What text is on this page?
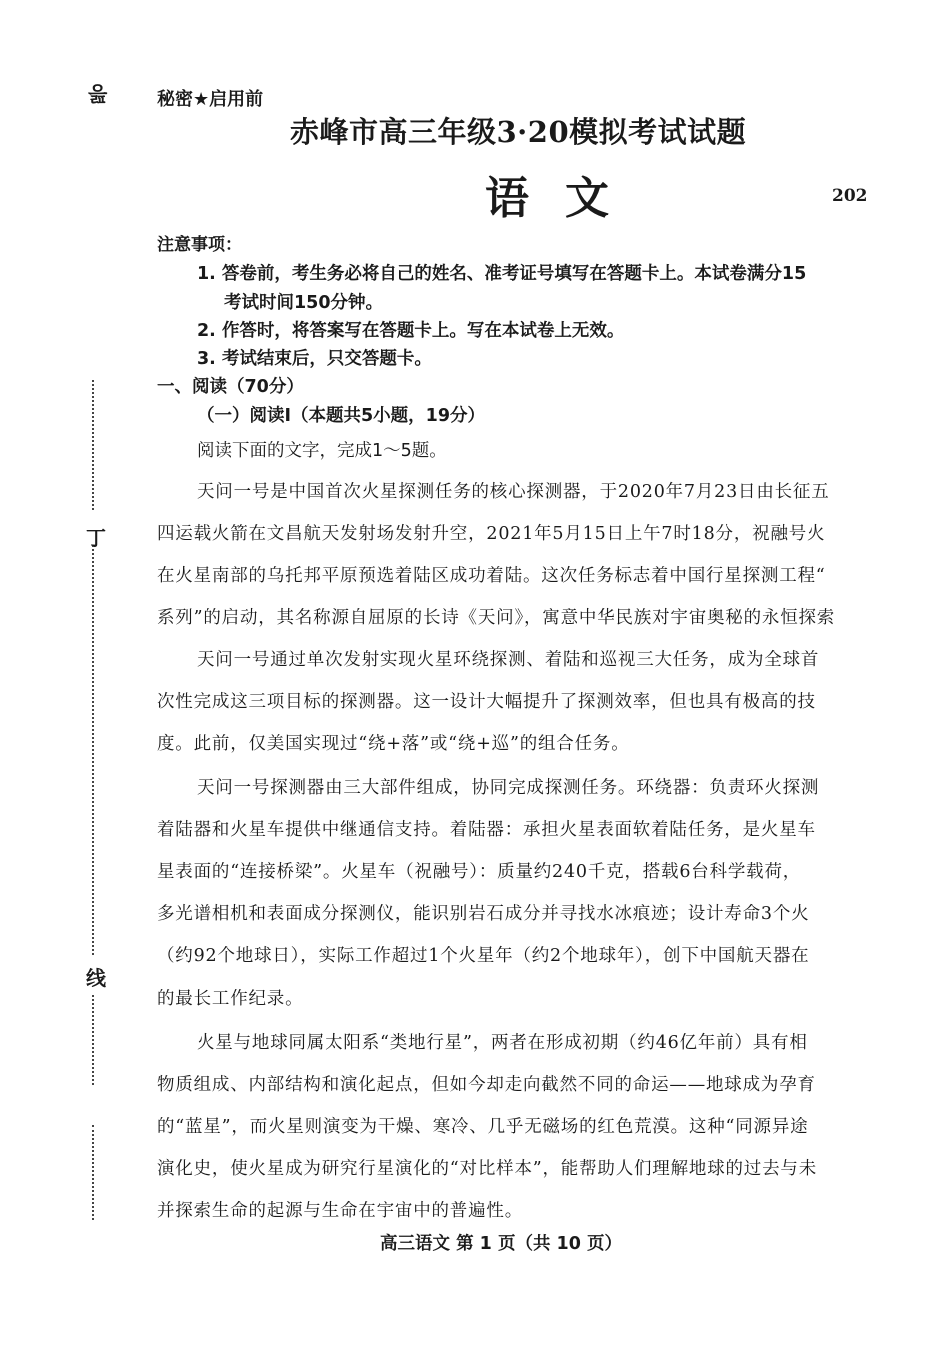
읊	秘密★启用前
赤峰市高三年级3·20模拟考试试题
语文	202
注意事项：
1. 答卷前，考生务必将自己的姓名、准考证号填写在答题卡上。本试卷满分15
考试时间150分钟。
2. 作答时，将答案写在答题卡上。写在本试卷上无效。
3. 考试结束后，只交答题卡。
一、阅读（70分）
（一）阅读Ⅰ（本题共5小题，19分）
阅读下面的文字，完成1～5题。
天问一号是中国首次火星探测任务的核心探测器，于2020年7月23日由长征五
四运载火箭在文昌航天发射场发射升空，2021年5月15日上午7时18分，祝融号火
在火星南部的乌托邦平原预选着陆区成功着陆。这次任务标志着中国行星探测工程“
系列”的启动，其名称源自屈原的长诗《天问》，寓意中华民族对宇宙奥秘的永恒探索
天问一号通过单次发射实现火星环绕探测、着陆和巡视三大任务，成为全球首
次性完成这三项目标的探测器。这一设计大幅提升了探测效率，但也具有极高的技
度。此前，仅美国实现过“绕+落”或“绕+巡”的组合任务。
天问一号探测器由三大部件组成，协同完成探测任务。环绕器：负责环火探测
着陆器和火星车提供中继通信支持。着陆器：承担火星表面软着陆任务，是火星车
星表面的“连接桥梁”。火星车（祝融号）：质量约240千克，搭载6台科学载荷，
多光谱相机和表面成分探测仪，能识别岩石成分并寻找水冰痕迹；设计寿命3个火
（约92个地球日），实际工作超过1个火星年（约2个地球年），创下中国航天器在
的最长工作纪录。
火星与地球同属太阳系“类地行星”，两者在形成初期（约46亿年前）具有相
物质组成、内部结构和演化起点，但如今却走向截然不同的命运——地球成为孕育
的“蓝星”，而火星则演变为干燥、寒冷、几乎无磁场的红色荒漠。这种“同源异途
演化史，使火星成为研究行星演化的“对比样本”，能帮助人们理解地球的过去与未
并探索生命的起源与生命在宇宙中的普遍性。
丁
线
高三语文 第 1 页（共 10 页）
